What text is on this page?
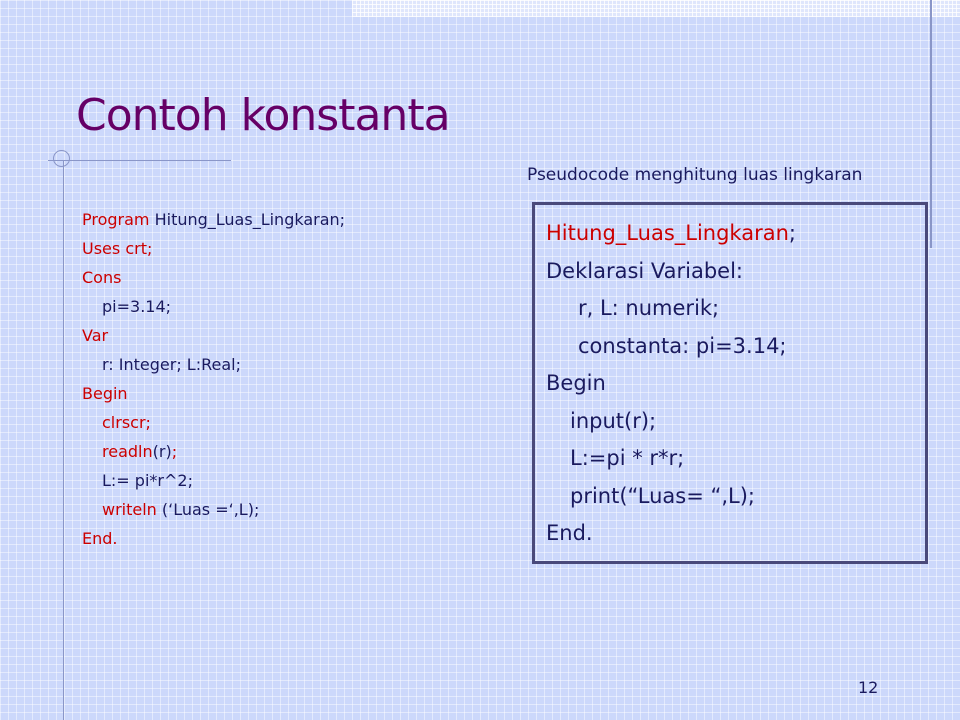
Contoh konstanta
Pseudocode menghitung luas lingkaran
Program Hitung_Luas_Lingkaran;
Uses crt;
Cons
pi=3.14;
Var
r: Integer; L:Real;
Begin
clrscr;
readln(r);
L:= pi*r^2;
writeln (‘Luas =‘,L);
End.
Hitung_Luas_Lingkaran;
Deklarasi Variabel:
r, L: numerik;
constanta: pi=3.14;
Begin
input(r);
L:=pi * r*r;
print(“Luas= “,L);
End.
12
